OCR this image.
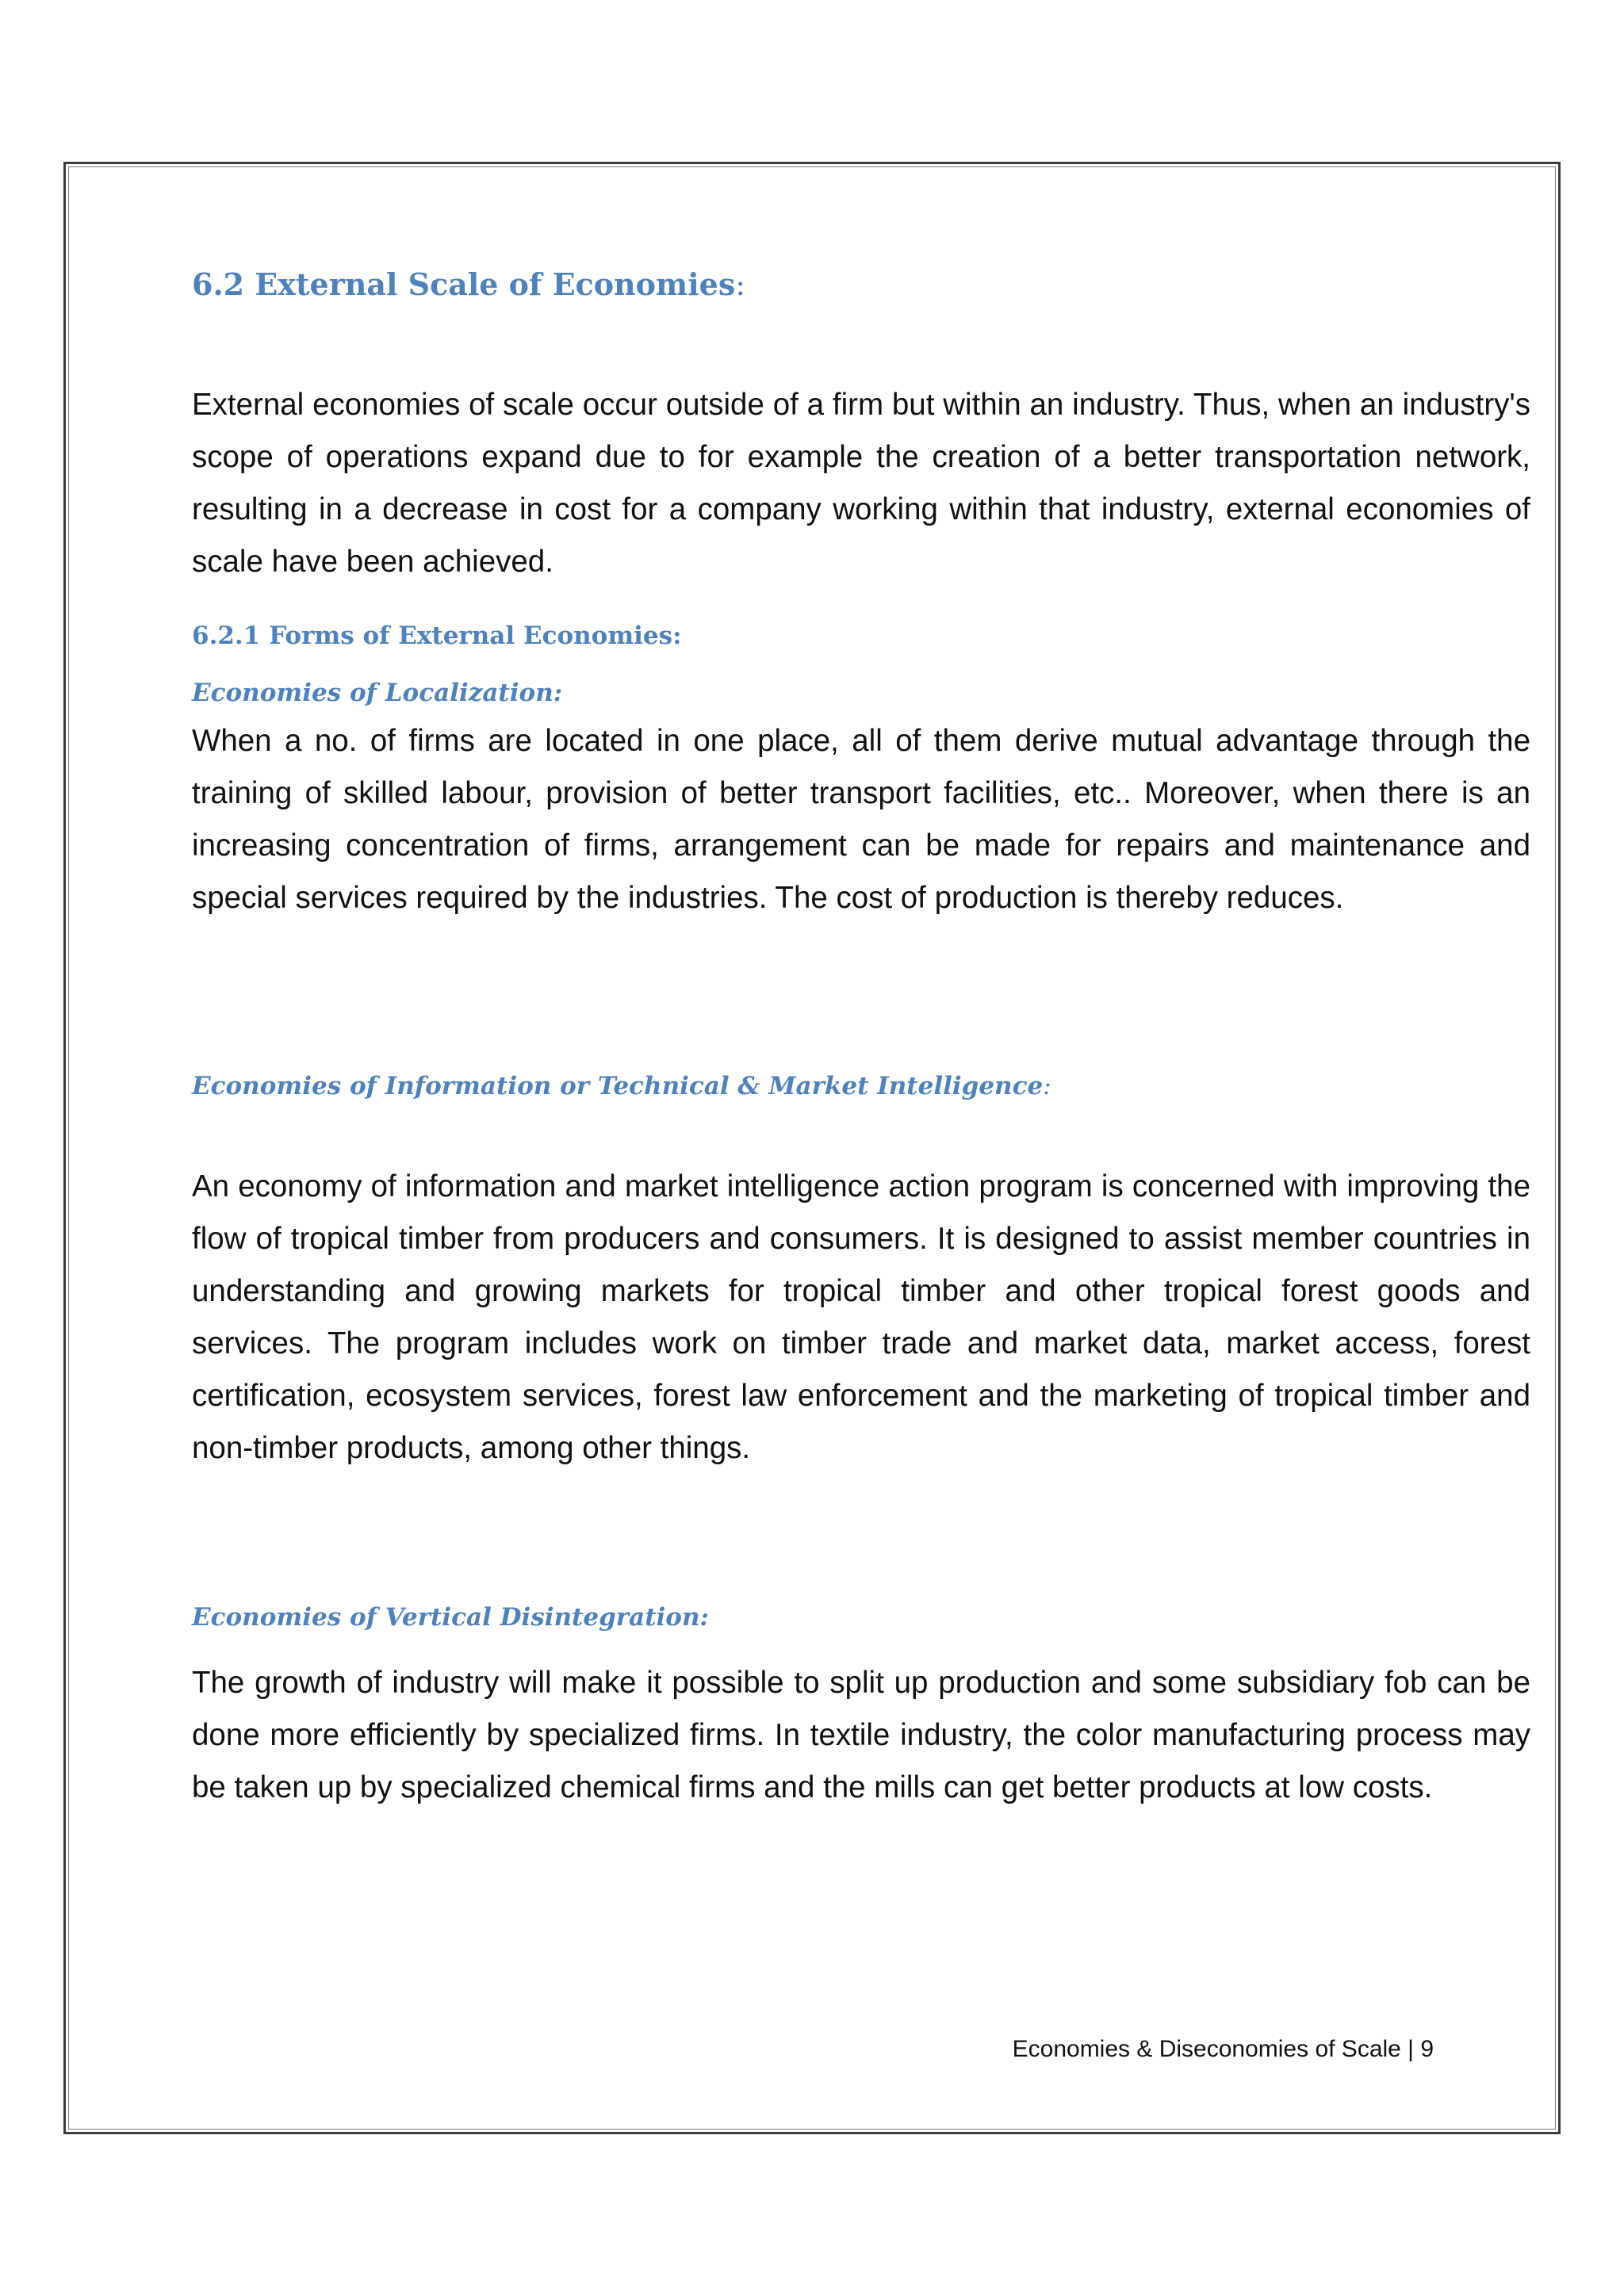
6.2 External Scale of Economies:

External economies of scale occur outside of a firm but within an industry. Thus, when an industry's scope of operations expand due to for example the creation of a better transportation network, resulting in a decrease in cost for a company working within that industry, external economies of scale have been achieved.

6.2.1 Forms of External Economies:
Economies of Localization:

When a no. of firms are located in one place, all of them derive mutual advantage through the training of skilled labour, provision of better transport facilities, etc.. Moreover, when there is an increasing concentration of firms, arrangement can be made for repairs and maintenance and special services required by the industries. The cost of production is thereby reduces.

Economies of Information or Technical & Market Intelligence:

An economy of information and market intelligence action program is concerned with improving the flow of tropical timber from producers and consumers. It is designed to assist member countries in understanding and growing markets for tropical timber and other tropical forest goods and services. The program includes work on timber trade and market data, market access, forest certification, ecosystem services, forest law enforcement and the marketing of tropical timber and non-timber products, among other things.

Economies of Vertical Disintegration:

The growth of industry will make it possible to split up production and some subsidiary fob can be done more efficiently by specialized firms. In textile industry, the color manufacturing process may be taken up by specialized chemical firms and the mills can get better products at low costs.

Economies & Diseconomies of Scale | 9
